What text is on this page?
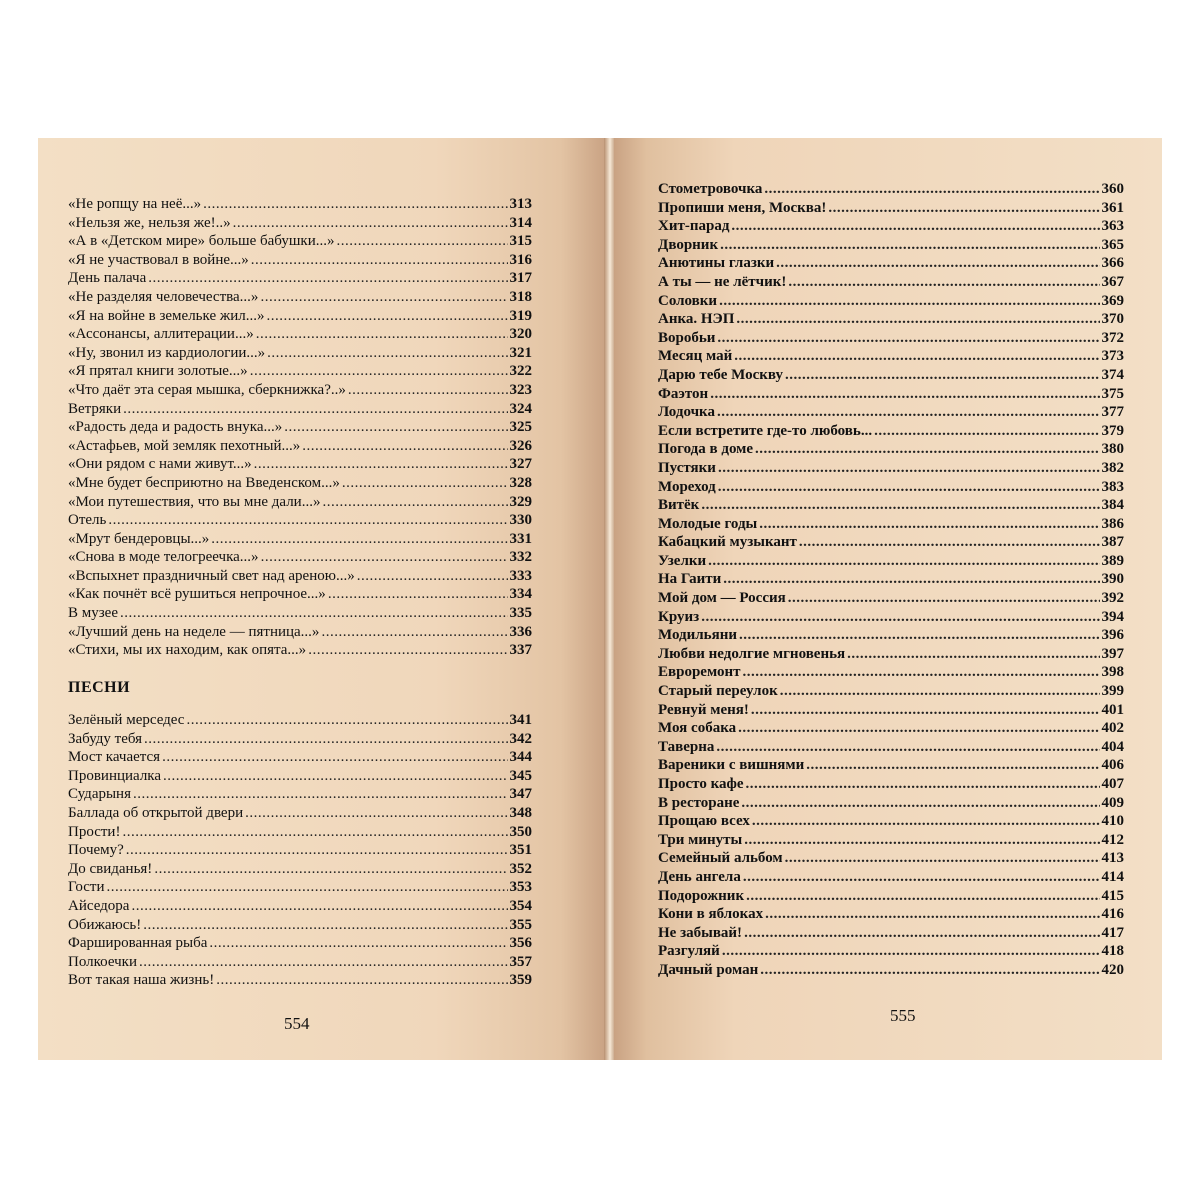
«Не ропщу на неё...» .....	313
«Нельзя же, нельзя же!..» .....	314
«А в «Детском мире» больше бабушки...» .....	315
«Я не участвовал в войне...» .....	316
День палача .....	317
«Не разделяя человечества...» .....	318
«Я на войне в земельке жил...» .....	319
«Ассонансы, аллитерации...» .....	320
«Ну, звонил из кардиологии...» .....	321
«Я прятал книги золотые...» .....	322
«Что даёт эта серая мышка, сберкнижка?..» .....	323
Ветряки .....	324
«Радость деда и радость внука...» .....	325
«Астафьев, мой земляк пехотный...» .....	326
«Они рядом с нами живут...» .....	327
«Мне будет бесприютно на Введенском...» .....	328
«Мои путешествия, что вы мне дали...» .....	329
Отель .....	330
«Мрут бендеровцы...» .....	331
«Снова в моде телогреечка...» .....	332
«Вспыхнет праздничный свет над ареною...» .....	333
«Как почнёт всё рушиться непрочное...» .....	334
В музее .....	335
«Лучший день на неделе — пятница...» .....	336
«Стихи, мы их находим, как опята...» .....	337
ПЕСНИ
Зелёный мерседес .....	341
Забуду тебя .....	342
Мост качается .....	344
Провинциалка .....	345
Сударыня .....	347
Баллада об открытой двери .....	348
Прости! .....	350
Почему? .....	351
До свиданья! .....	352
Гости .....	353
Айседора .....	354
Обижаюсь! .....	355
Фаршированная рыба .....	356
Полкоечки .....	357
Вот такая наша жизнь! .....	359
554
Стометровочка .....	360
Пропиши меня, Москва! .....	361
Хит-парад .....	363
Дворник .....	365
Анютины глазки .....	366
А ты — не лётчик! .....	367
Соловки .....	369
Анка. НЭП .....	370
Воробьи .....	372
Месяц май .....	373
Дарю тебе Москву .....	374
Фаэтон .....	375
Лодочка .....	377
Если встретите где-то любовь... .....	379
Погода в доме .....	380
Пустяки .....	382
Мореход .....	383
Витёк .....	384
Молодые годы .....	386
Кабацкий музыкант .....	387
Узелки .....	389
На Гаити .....	390
Мой дом — Россия .....	392
Круиз .....	394
Модильяни .....	396
Любви недолгие мгновенья .....	397
Евроремонт .....	398
Старый переулок .....	399
Ревнуй меня! .....	401
Моя собака .....	402
Таверна .....	404
Вареники с вишнями .....	406
Просто кафе .....	407
В ресторане .....	409
Прощаю всех .....	410
Три минуты .....	412
Семейный альбом .....	413
День ангела .....	414
Подорожник .....	415
Кони в яблоках .....	416
Не забывай! .....	417
Разгуляй .....	418
Дачный роман .....	420
555
